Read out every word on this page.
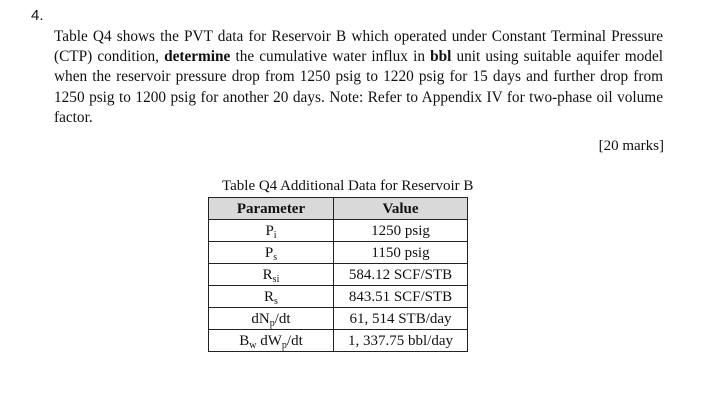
4.

Table Q4 shows the PVT data for Reservoir B which operated under Constant Terminal Pressure (CTP) condition, determine the cumulative water influx in bbl unit using suitable aquifer model when the reservoir pressure drop from 1250 psig to 1220 psig for 15 days and further drop from 1250 psig to 1200 psig for another 20 days. Note: Refer to Appendix IV for two-phase oil volume factor.

[20 marks]
Table Q4 Additional Data for Reservoir B
Parameter	Value
$P_i$	1250 psig
$P_s$	1150 psig
$R_{si}$	584.12 SCF/STB
$R_s$	843.51 SCF/STB
$dN_p/dt$	61, 514 STB/day
$B_w$ $dW_p/dt$	1, 337.75 bbl/day
